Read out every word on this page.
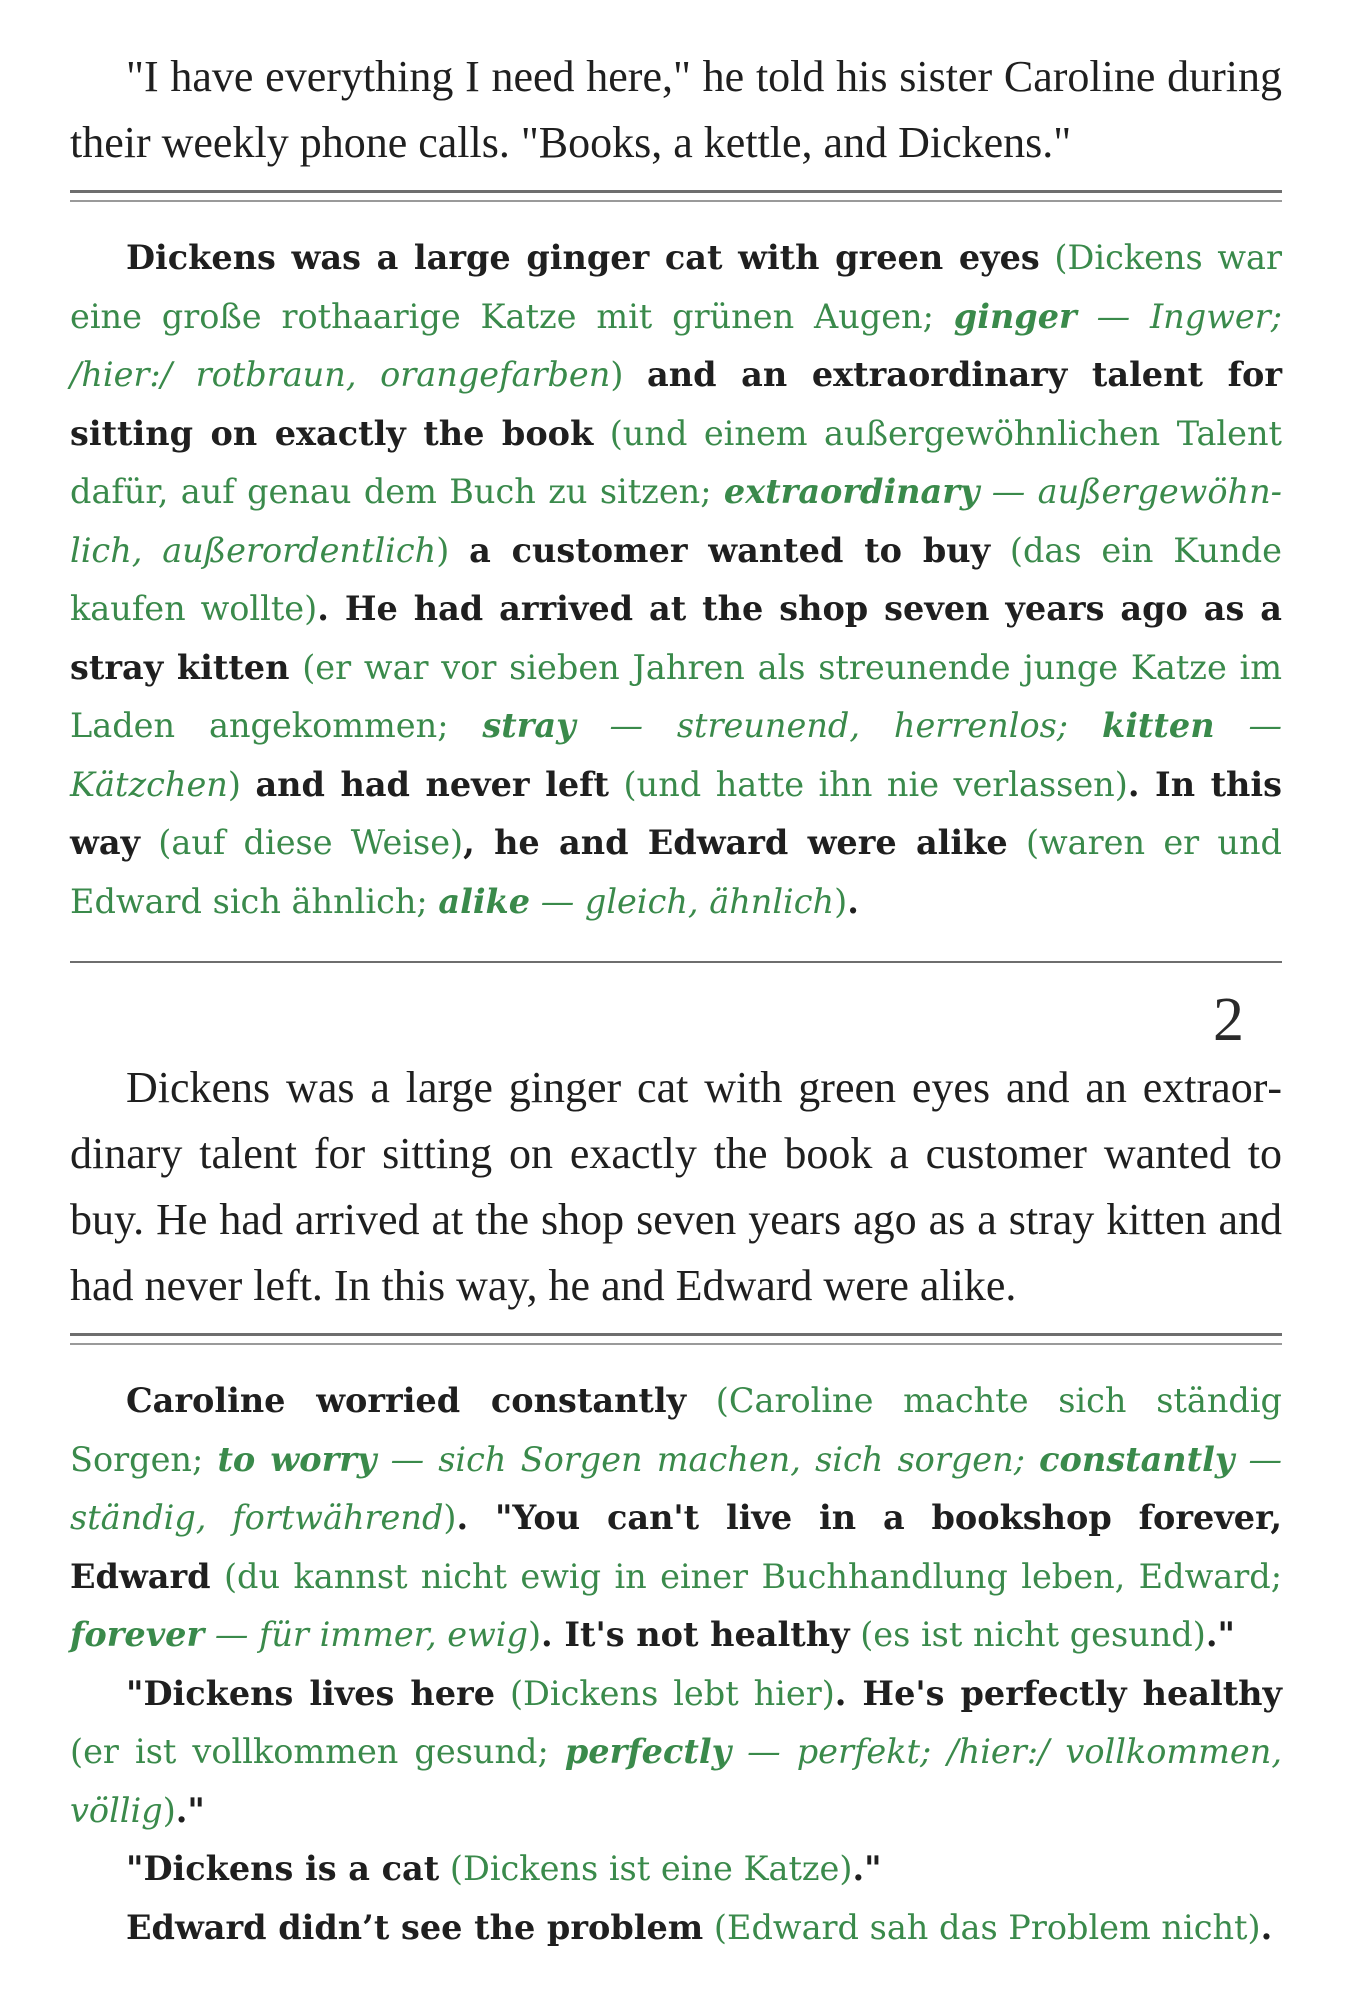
"I have everything I need here," he told his sister Caroline during their weekly phone calls. "Books, a kettle, and Dickens."

Dickens was a large ginger cat with green eyes (Dickens war eine große rothaarige Katze mit grünen Augen; ginger — Ingwer; /hier:/ rotbraun, orangefarben) and an extraordinary talent for sitting on exactly the book (und einem außergewöhnlichen Talent dafür, auf genau dem Buch zu sitzen; extraordinary — außergewöhnlich, außerordentlich) a customer wanted to buy (das ein Kunde kaufen wollte). He had arrived at the shop seven years ago as a stray kitten (er war vor sieben Jahren als streunende junge Katze im Laden angekommen; stray — streunend, herrenlos; kitten — Kätzchen) and had never left (und hatte ihn nie verlassen). In this way (auf diese Weise), he and Edward were alike (waren er und Edward sich ähnlich; alike — gleich, ähnlich).

2

Dickens was a large ginger cat with green eyes and an extraordinary talent for sitting on exactly the book a customer wanted to buy. He had arrived at the shop seven years ago as a stray kitten and had never left. In this way, he and Edward were alike.

Caroline worried constantly (Caroline machte sich ständig Sorgen; to worry — sich Sorgen machen, sich sorgen; constantly — ständig, fortwährend). "You can't live in a bookshop forever, Edward (du kannst nicht ewig in einer Buchhandlung leben, Edward; forever — für immer, ewig). It's not healthy (es ist nicht gesund)."

"Dickens lives here (Dickens lebt hier). He's perfectly healthy (er ist vollkommen gesund; perfectly — perfekt; /hier:/ vollkommen, völlig)."

"Dickens is a cat (Dickens ist eine Katze)."

Edward didn’t see the problem (Edward sah das Problem nicht).
